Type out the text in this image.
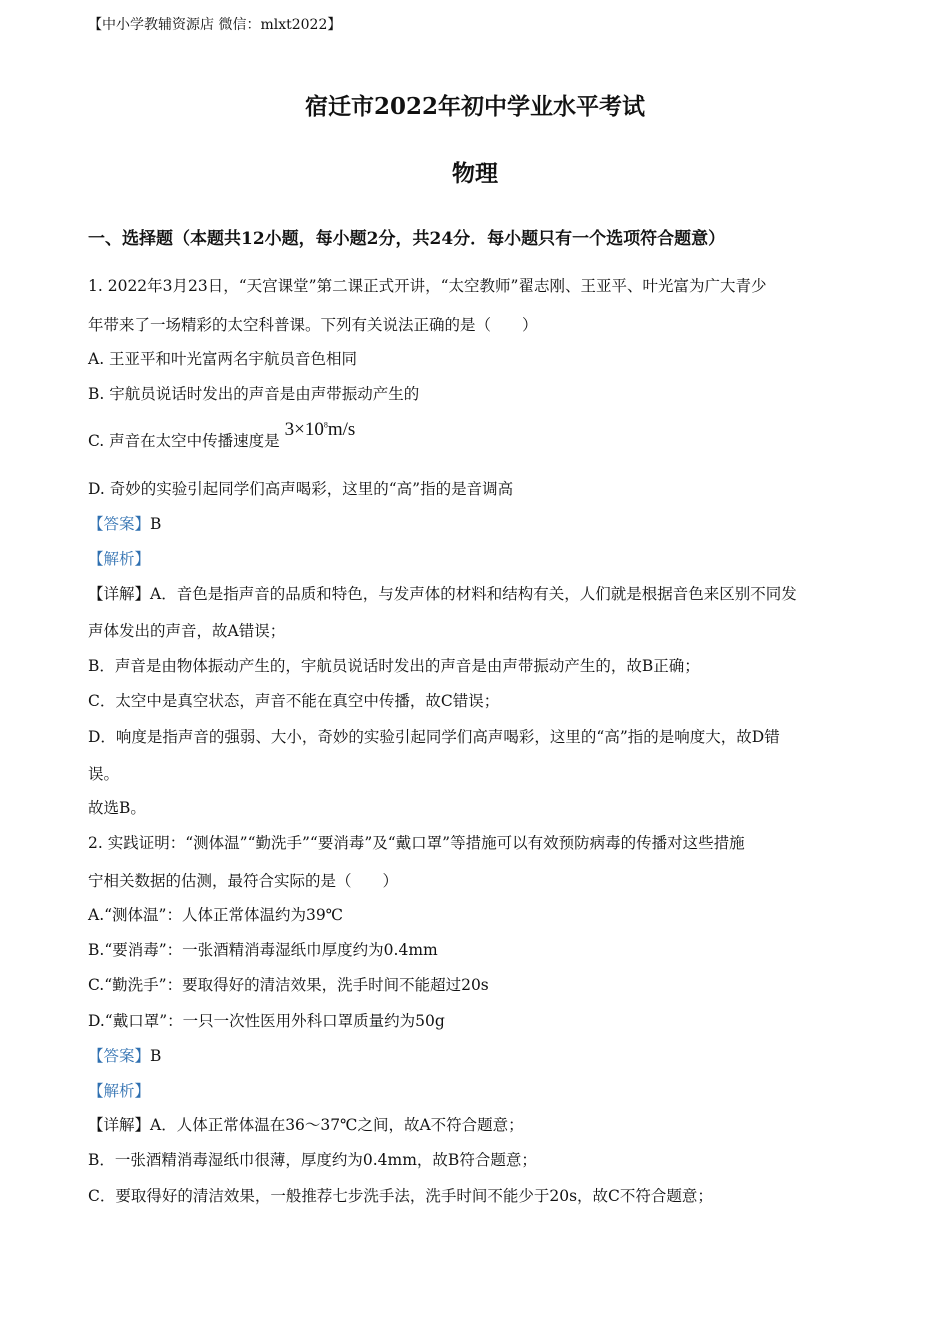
【中小学教辅资源店 微信：mlxt2022】
宿迁市2022年初中学业水平考试
物理
一、选择题（本题共12小题，每小题2分，共24分．每小题只有一个选项符合题意）
1. 2022年3月23日，“天宫课堂”第二课正式开讲，“太空教师”翟志刚、王亚平、叶光富为广大青少
年带来了一场精彩的太空科普课。下列有关说法正确的是（　　）
A. 王亚平和叶光富两名宇航员音色相同
B. 宇航员说话时发出的声音是由声带振动产生的
C. 声音在太空中传播速度是 $3\times 10^8m/s$
D. 奇妙的实验引起同学们高声喝彩，这里的“高”指的是音调高
【答案】B
【解析】
【详解】A．音色是指声音的品质和特色，与发声体的材料和结构有关，人们就是根据音色来区别不同发
声体发出的声音，故A错误；
B．声音是由物体振动产生的，宇航员说话时发出的声音是由声带振动产生的，故B正确；
C．太空中是真空状态，声音不能在真空中传播，故C错误；
D．响度是指声音的强弱、大小，奇妙的实验引起同学们高声喝彩，这里的“高”指的是响度大，故D错
误。
故选B。
2. 实践证明：“测体温”“勤洗手”“要消毒”及“戴口罩”等措施可以有效预防病毒的传播对这些措施
宁相关数据的估测，最符合实际的是（　　）
A.“测体温”：人体正常体温约为39℃
B.“要消毒”：一张酒精消毒湿纸巾厚度约为0.4mm
C.“勤洗手”：要取得好的清洁效果，洗手时间不能超过20s
D.“戴口罩”：一只一次性医用外科口罩质量约为50g
【答案】B
【解析】
【详解】A．人体正常体温在36～37℃之间，故A不符合题意；
B．一张酒精消毒湿纸巾很薄，厚度约为0.4mm，故B符合题意；
C．要取得好的清洁效果，一般推荐七步洗手法，洗手时间不能少于20s，故C不符合题意；
